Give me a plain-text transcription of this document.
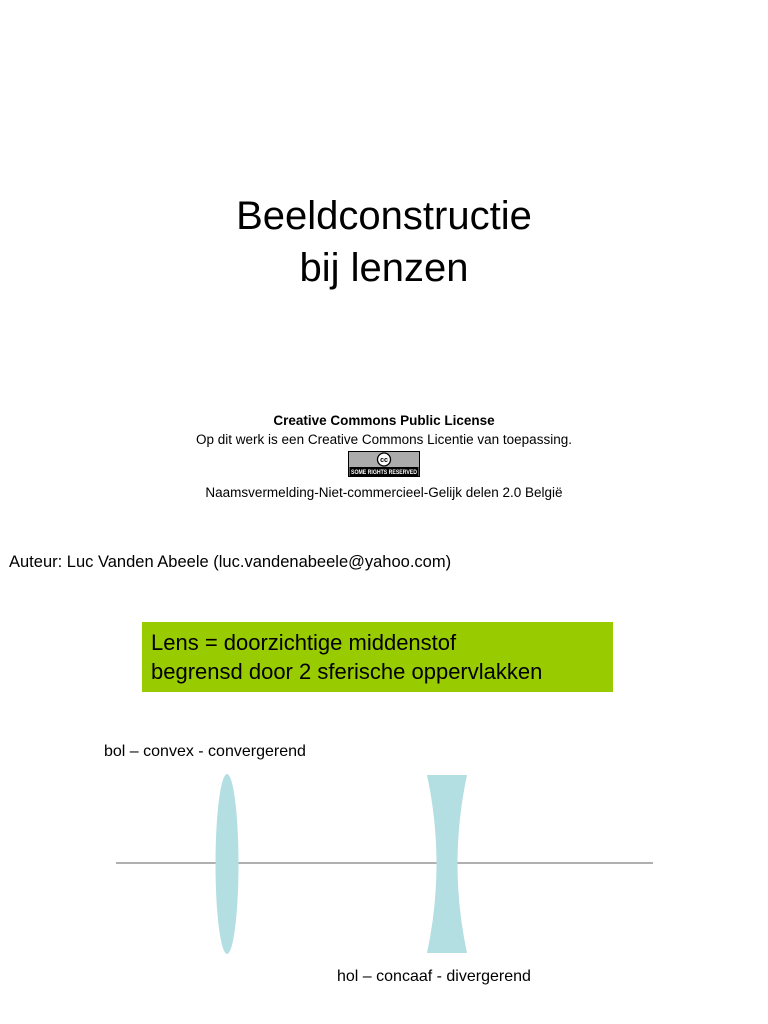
Beeldconstructie
bij lenzen
Creative Commons Public License
Op dit werk is een Creative Commons Licentie van toepassing.
cc
SOME RIGHTS RESERVED
Naamsvermelding-Niet-commercieel-Gelijk delen 2.0 België
Auteur: Luc Vanden Abeele (luc.vandenabeele@yahoo.com)
Lens = doorzichtige middenstof
begrensd door 2 sferische oppervlakken
bol – convex - convergerend
hol – concaaf - divergerend
